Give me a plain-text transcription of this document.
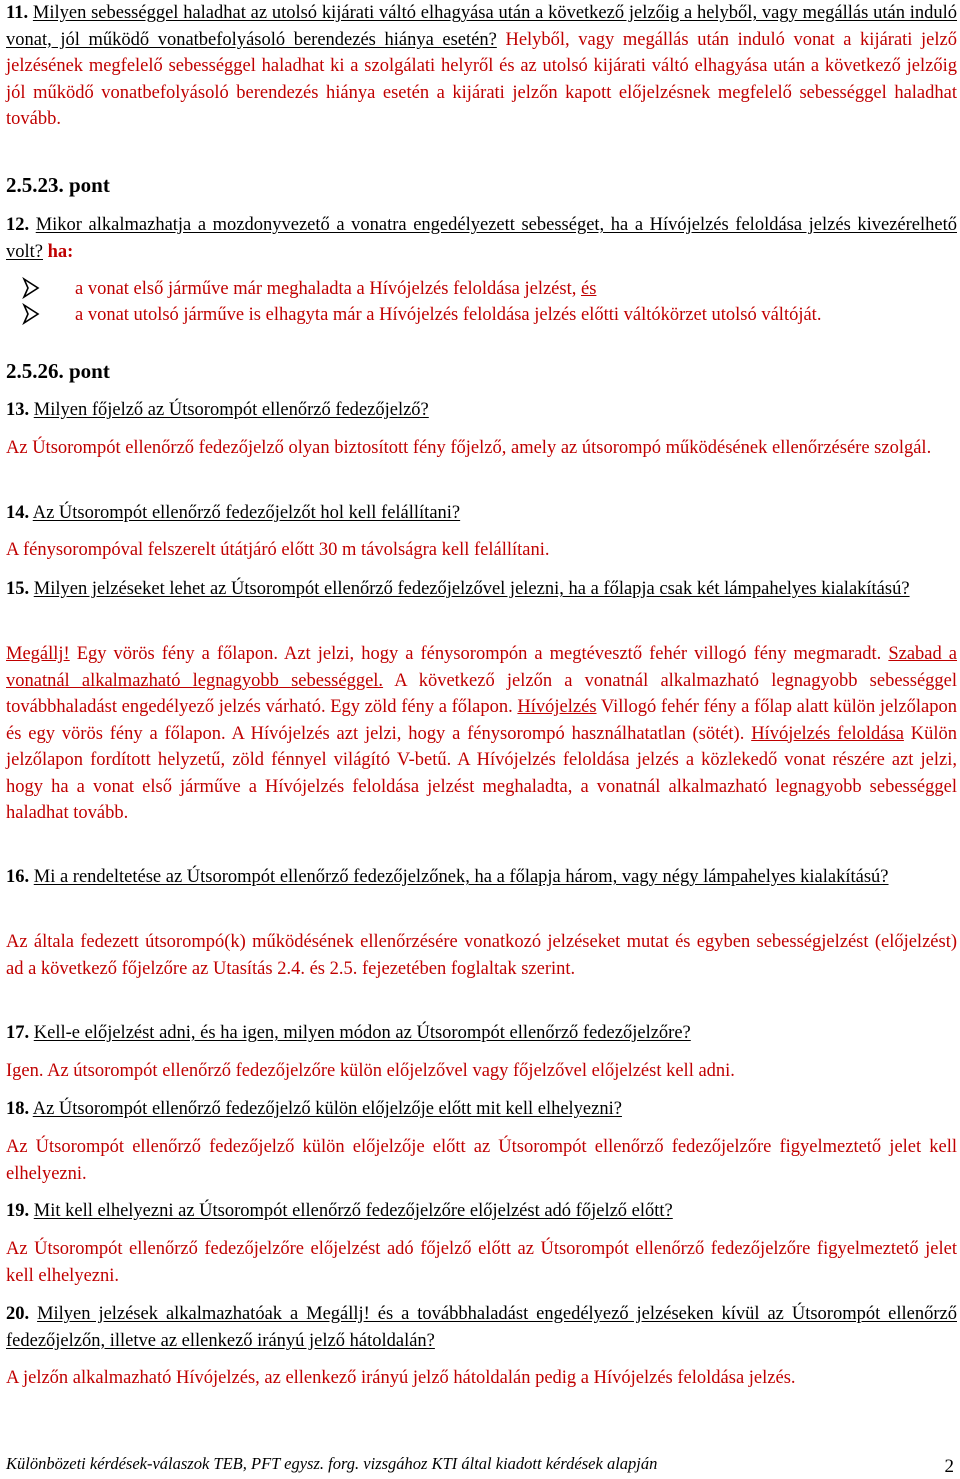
11. Milyen sebességgel haladhat az utolsó kijárati váltó elhagyása után a következő jelzőig a helyből, vagy megállás után induló vonat, jól működő vonatbefolyásoló berendezés hiánya esetén? Helyből, vagy megállás után induló vonat a kijárati jelző jelzésének megfelelő sebességgel haladhat ki a szolgálati helyről és az utolsó kijárati váltó elhagyása után a következő jelzőig jól működő vonatbefolyásoló berendezés hiánya esetén a kijárati jelzőn kapott előjelzésnek megfelelő sebességgel haladhat tovább.

2.5.23. pont

12. Mikor alkalmazhatja a mozdonyvezető a vonatra engedélyezett sebességet, ha a Hívójelzés feloldása jelzés kivezérelhető volt? ha:

a vonat első járműve már meghaladta a Hívójelzés feloldása jelzést, és
a vonat utolsó járműve is elhagyta már a Hívójelzés feloldása jelzés előtti váltókörzet utolsó váltóját.

2.5.26. pont

13. Milyen főjelző az Útsorompót ellenőrző fedezőjelző?

Az Útsorompót ellenőrző fedezőjelző olyan biztosított fény főjelző, amely az útsorompó működésének ellenőrzésére szolgál.

14. Az Útsorompót ellenőrző fedezőjelzőt hol kell felállítani?

A fénysorompóval felszerelt útátjáró előtt 30 m távolságra kell felállítani.

15. Milyen jelzéseket lehet az Útsorompót ellenőrző fedezőjelzővel jelezni, ha a főlapja csak két lámpahelyes kialakítású?

Megállj! Egy vörös fény a főlapon. Azt jelzi, hogy a fénysorompón a megtévesztő fehér villogó fény megmaradt. Szabad a vonatnál alkalmazható legnagyobb sebességgel. A következő jelzőn a vonatnál alkalmazható legnagyobb sebességgel továbbhaladást engedélyező jelzés várható. Egy zöld fény a főlapon. Hívójelzés Villogó fehér fény a főlap alatt külön jelzőlapon és egy vörös fény a főlapon. A Hívójelzés azt jelzi, hogy a fénysorompó használhatatlan (sötét). Hívójelzés feloldása Külön jelzőlapon fordított helyzetű, zöld fénnyel világító V-betű. A Hívójelzés feloldása jelzés a közlekedő vonat részére azt jelzi, hogy ha a vonat első járműve a Hívójelzés feloldása jelzést meghaladta, a vonatnál alkalmazható legnagyobb sebességgel haladhat tovább.

16. Mi a rendeltetése az Útsorompót ellenőrző fedezőjelzőnek, ha a főlapja három, vagy négy lámpahelyes kialakítású?

Az általa fedezett útsorompó(k) működésének ellenőrzésére vonatkozó jelzéseket mutat és egyben sebességjelzést (előjelzést) ad a következő főjelzőre az Utasítás 2.4. és 2.5. fejezetében foglaltak szerint.

17. Kell-e előjelzést adni, és ha igen, milyen módon az Útsorompót ellenőrző fedezőjelzőre?

Igen. Az útsorompót ellenőrző fedezőjelzőre külön előjelzővel vagy főjelzővel előjelzést kell adni.

18. Az Útsorompót ellenőrző fedezőjelző külön előjelzője előtt mit kell elhelyezni?

Az Útsorompót ellenőrző fedezőjelző külön előjelzője előtt az Útsorompót ellenőrző fedezőjelzőre figyelmeztető jelet kell elhelyezni.

19. Mit kell elhelyezni az Útsorompót ellenőrző fedezőjelzőre előjelzést adó főjelző előtt?

Az Útsorompót ellenőrző fedezőjelzőre előjelzést adó főjelző előtt az Útsorompót ellenőrző fedezőjelzőre figyelmeztető jelet kell elhelyezni.

20. Milyen jelzések alkalmazhatóak a Megállj! és a továbbhaladást engedélyező jelzéseken kívül az Útsorompót ellenőrző fedezőjelzőn, illetve az ellenkező irányú jelző hátoldalán?

A jelzőn alkalmazható Hívójelzés, az ellenkező irányú jelző hátoldalán pedig a Hívójelzés feloldása jelzés.

Különbözeti kérdések-válaszok TEB, PFT egysz. forg. vizsgához KTI által kiadott kérdések alapján	2
